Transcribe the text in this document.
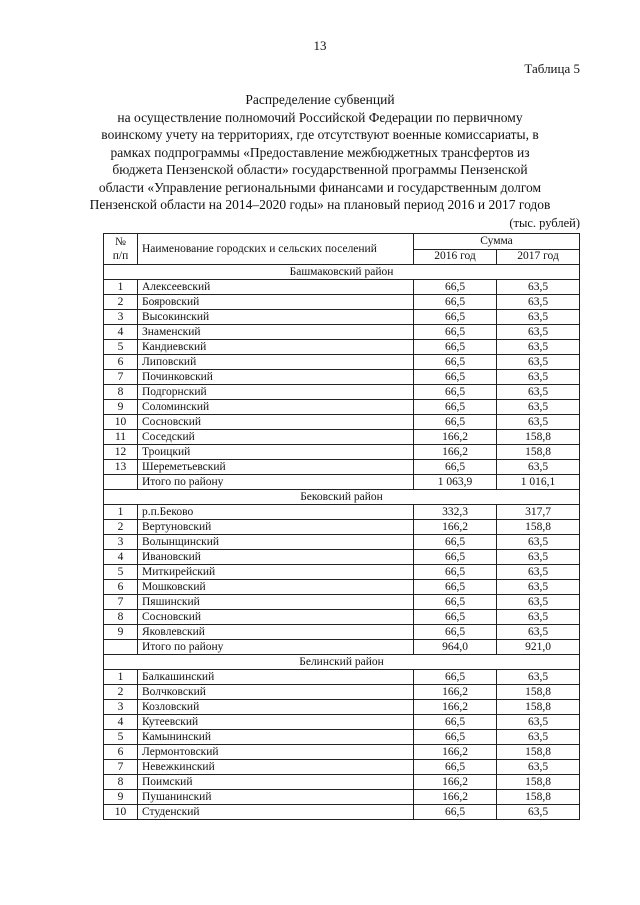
13
Таблица 5
Распределение субвенций
на осуществление полномочий Российской Федерации по первичному
воинскому учету на территориях, где отсутствуют военные комиссариаты, в
рамках подпрограммы «Предоставление межбюджетных трансфертов из
бюджета Пензенской области» государственной программы Пензенской
области «Управление региональными финансами и государственным долгом
Пензенской области на 2014–2020 годы» на плановый период 2016 и 2017 годов
(тыс. рублей)
№
п/п	Наименование городских и сельских поселений	Сумма	
		2016 год	2017 год
Башмаковский район			
1	Алексеевский	66,5	63,5
2	Бояровский	66,5	63,5
3	Высокинский	66,5	63,5
4	Знаменский	66,5	63,5
5	Кандиевский	66,5	63,5
6	Липовский	66,5	63,5
7	Починковский	66,5	63,5
8	Подгорнский	66,5	63,5
9	Соломинский	66,5	63,5
10	Сосновский	66,5	63,5
11	Соседский	166,2	158,8
12	Троицкий	166,2	158,8
13	Шереметьевский	66,5	63,5
	Итого по району	1 063,9	1 016,1
Бековский район			
1	р.п.Беково	332,3	317,7
2	Вертуновский	166,2	158,8
3	Волынщинский	66,5	63,5
4	Ивановский	66,5	63,5
5	Миткирейский	66,5	63,5
6	Мошковский	66,5	63,5
7	Пяшинский	66,5	63,5
8	Сосновский	66,5	63,5
9	Яковлевский	66,5	63,5
	Итого по району	964,0	921,0
Белинский район			
1	Балкашинский	66,5	63,5
2	Волчковский	166,2	158,8
3	Козловский	166,2	158,8
4	Кутеевский	66,5	63,5
5	Камынинский	66,5	63,5
6	Лермонтовский	166,2	158,8
7	Невежкинский	66,5	63,5
8	Поимский	166,2	158,8
9	Пушанинский	166,2	158,8
10	Студенский	66,5	63,5
